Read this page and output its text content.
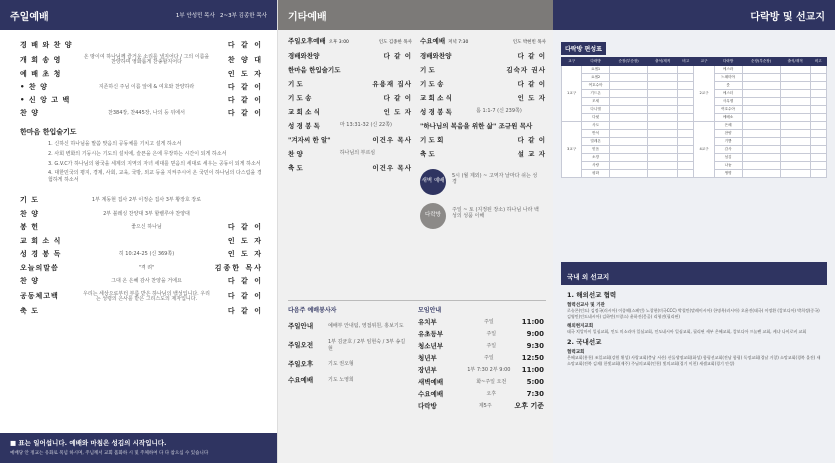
주일예배	1부 안성민 목사 2~3부 김종한 목사
경 배 와 찬 양	다 같 이
개 회 송 영	온 땅이여 하나님께 즐거운 소리를 낼지어다 / 그의 이름을 찬양하며 영화롭게 찬송할지어다	찬 양 대
예 배 초 청	인 도 자
• 찬 양	지존하신 주님 이름 앞에 & 여호와 찬양하라	다 같 이
• 신 앙 고 백	다 같 이
찬 양	찬384장, 찬445장, 나의 등 뒤에서	다 같 이
한마음 한입술기도
1. 신하신 하나님을 말씀 맞음의 공동체를 기치고 설게 하소서
2. 사회 변화의 기둥시는 기도의 설치에, 슬픈을 은에 무장하는 시간이 되게 하소서
3. G.V.C가 하나님의 왕국을 세계의 지역의 자녀 세대를 믿음의 세대로 세우는 공동이 되게 하소서
4. 대한민국의 평지, 경제, 사회, 교육, 국방, 외교 등을 지켜주시어 온 국민이 하나님의 다스림을 경험하게 하소서
기 도	1부 계동현 집사 2부 이정순 집사 3부 황장호 장로
찬 양	2부 블레싱 찬양대 3부 할렐루야 찬양대
봉 헌	좋으신 하나님	다 같 이
교 회 소 식	인 도 자
성 경 봉 독	히 10:24-25 (신 369쪽)	인 도 자
오늘의말씀	"격 려"	김종한 목사
찬 양	그대 온 은혜 감사 찬양을 거에요	다 같 이
공동체고백	우리는 세상으로부터 부름 받은 하나님의 백성입니다. 우리는 성령의 은사를 받은 그리스도의 제자입니다.	다 같 이
축 도	다 같 이
■ 표는 일어섭니다. 예배와 마침은 성김의 시작입니다.
예배당 안 정교는 유화로 묵념 하시며, 주님께서 교회 흡화하 시 및 주체하여 다 다 참으십 수 있습니다
기타예배
주일오후예배 오후 3:00	인도 김종한 목사
경배와찬양	다 같 이
한마음 한입술기도
기 도	유용재 집사
기 도 송	다 같 이
교 회 소 식	인 도 자
성 경 봉 독	마 13:31-32 (신 22쪽)
"겨자씨 한 알"	이건우 목사
찬 양	하나님의 부르심
축 도	이건우 목사
수요예배 저녁 7:30	인도 박현빈 목사
경배와찬양	다 같 이
기 도	김숙자 권사
기 도 송	다 같 이
교 회 소 식	인 도 자
성 경 봉 독	롬 1:1-7 (신 239쪽)
"하나님의 복음을 위한 삶" 조규원 목사
기 도 회	다 같 이
축 도	설 교 자
새벽 예배
5시 (월 제외) ~ 고역자 날마다 쉬는 성경
다락방
주일 ~ 토 (지정된 장소) 하나님 나라 백성의 성품 이해
다음주 예배봉사자
주일안내	예배부 안내팀, 영접위원, 홍보기도
주일오전	1부 김균호 / 2부 임현숙 / 3부 송길현
주일오후	기도 권오형
수요예배	기도 노영희
모임안내
유치부	주일	11:00
유초등부	주일	9:00
청소년부	주일	9:30
청년부	주일	12:50
장년부	1부 7:30 2부 9:00	11:00
새벽예배	화~주일 오전	5:00
수요예배	오후	7:30
다락방	제5주	오후 기준
다락방 및 선교지
다락방 편성표
교구	다락방	순장(부순장)	출석/재적	비고	교구	다락방	순장(부순장)	출석/재적	비고
1교구	요셉1				2교구	에스라			
	요셉2					느헤미야			
	여호수아					룻			
	기드온					에스더			
	모세					사무엘			
	다니엘					여호수아			
	다윗					에베소			
3교구	사도				4교구	은혜			
	반석					찬양			
	빌레몬					기쁨			
	믿음					감사			
	소망					섬김			
	사랑					나눔			
	평화					생명			
국내 외 선교지
1. 해외선교 협력
협력선교사 및 기관
로슈콘(인도) 김정국(러시아) 이종해(스페인) 노창현(미국CCC) 박철민(말레이시아) 한명옥(러시아) 오윤진(태국) 이정환 (캄보디아) 박희정(중국) 김영민(인도네시아) 김하만(프랑스) 윤하진(몽골) 리형진(필리핀)
해외현지교회
태국 치앙마이 일심교회, 인도 미소라마 일심교회, 인도네시아 일심교회, 필리핀 세부 은혜교회, 캄보디아 프놈펜 교회, 케냐 나이로비 교회
2. 국내선교
협력교회
은혜교회(홍천) 조일교회(강원 횡성) 사랑교회(충남 서산) 산돌생명교회(화성) 함평선교회(전남 함평) 독정교회(경남 거창) 소망교회(경북 울진) 새소망교회(전북 김제) 한빛교회(제주) 주님의교회(인천) 빛의교회(경기 이천) 새샘교회(경기 안성)
